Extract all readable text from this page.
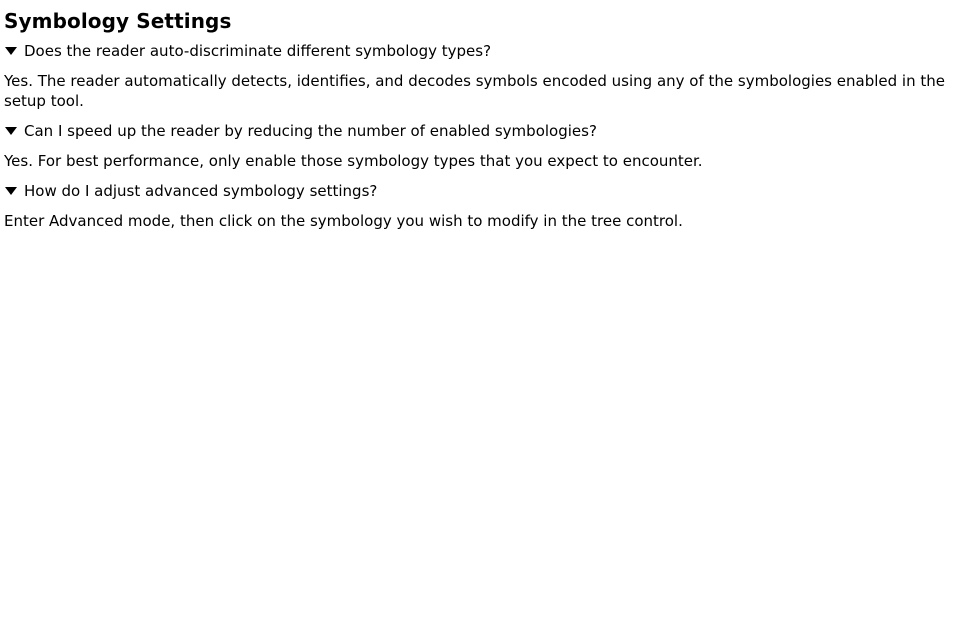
Symbology Settings
Does the reader auto-discriminate different symbology types?
Yes. The reader automatically detects, identifies, and decodes symbols encoded using any of the symbologies enabled in the setup tool.
Can I speed up the reader by reducing the number of enabled symbologies?
Yes. For best performance, only enable those symbology types that you expect to encounter.
How do I adjust advanced symbology settings?
Enter Advanced mode, then click on the symbology you wish to modify in the tree control.
